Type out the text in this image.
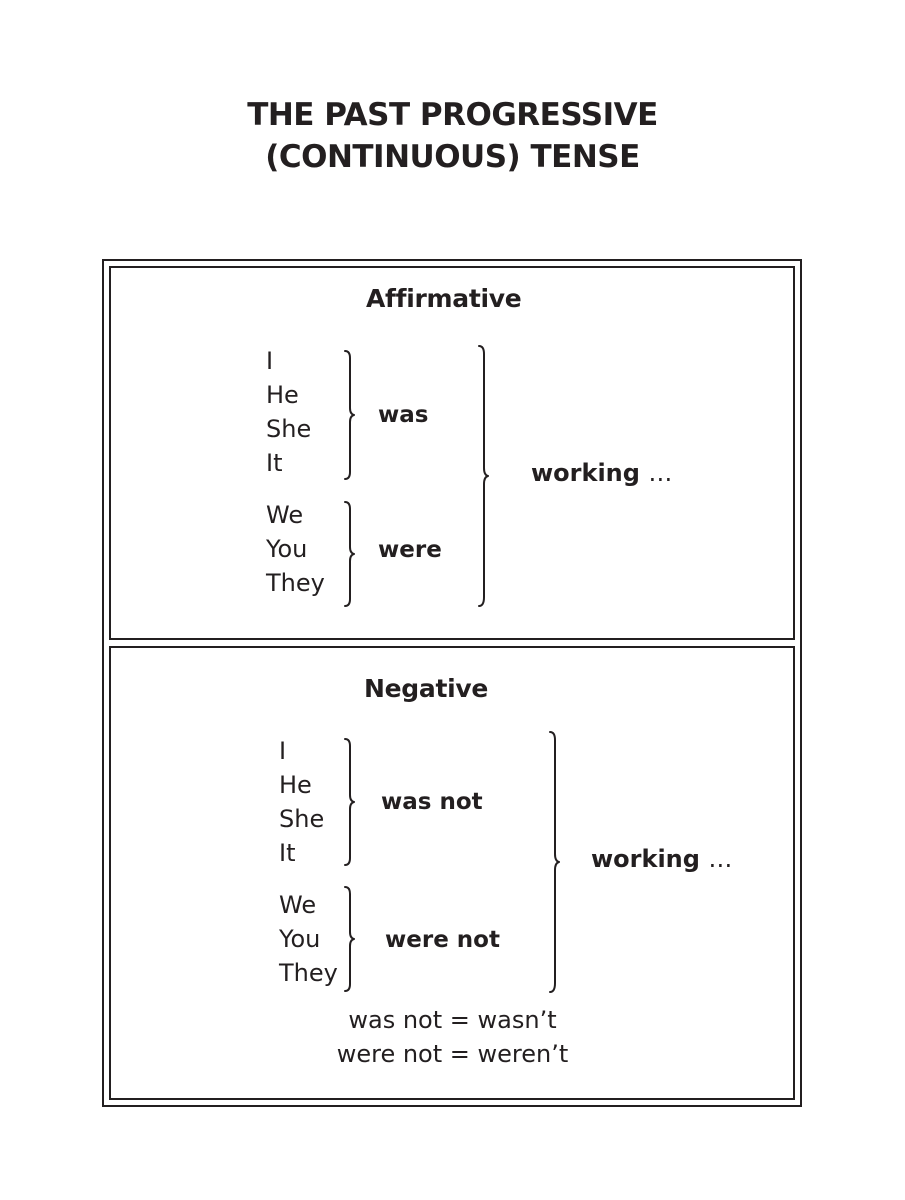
THE PAST PROGRESSIVE
(CONTINUOUS) TENSE
Affirmative
I
He
She
It
was
We
You
They
were
working …
Negative
I
He
She
It
was not
We
You
They
were not
working …
was not = wasn’t
were not = weren’t
